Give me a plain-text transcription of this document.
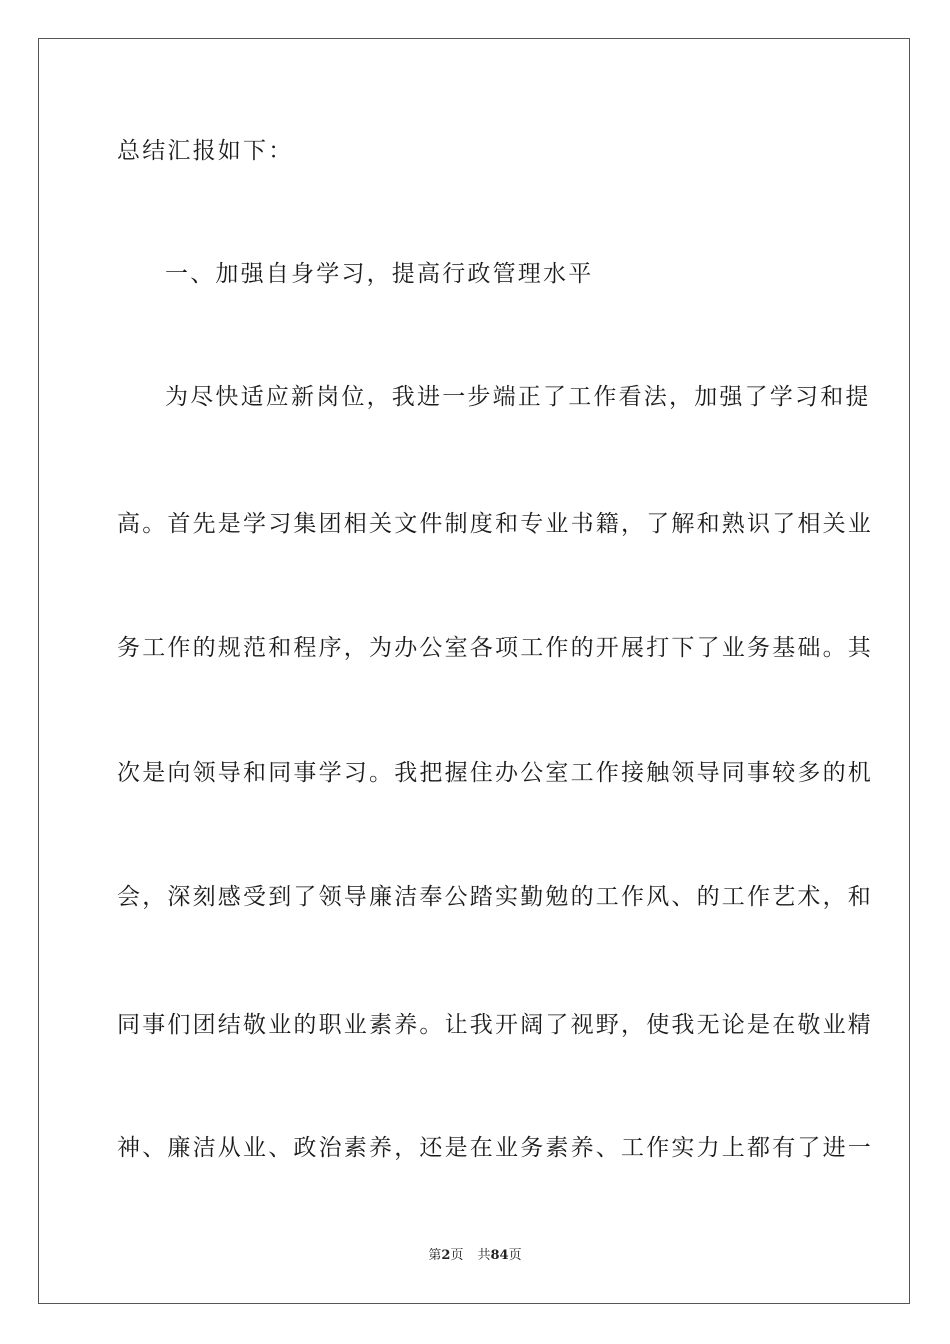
总结汇报如下：
一、加强自身学习，提高行政管理水平
为尽快适应新岗位，我进一步端正了工作看法，加强了学习和提
高。首先是学习集团相关文件制度和专业书籍，了解和熟识了相关业
务工作的规范和程序，为办公室各项工作的开展打下了业务基础。其
次是向领导和同事学习。我把握住办公室工作接触领导同事较多的机
会，深刻感受到了领导廉洁奉公踏实勤勉的工作风、的工作艺术，和
同事们团结敬业的职业素养。让我开阔了视野，使我无论是在敬业精
神、廉洁从业、政治素养，还是在业务素养、工作实力上都有了进一
第2页 共84页
